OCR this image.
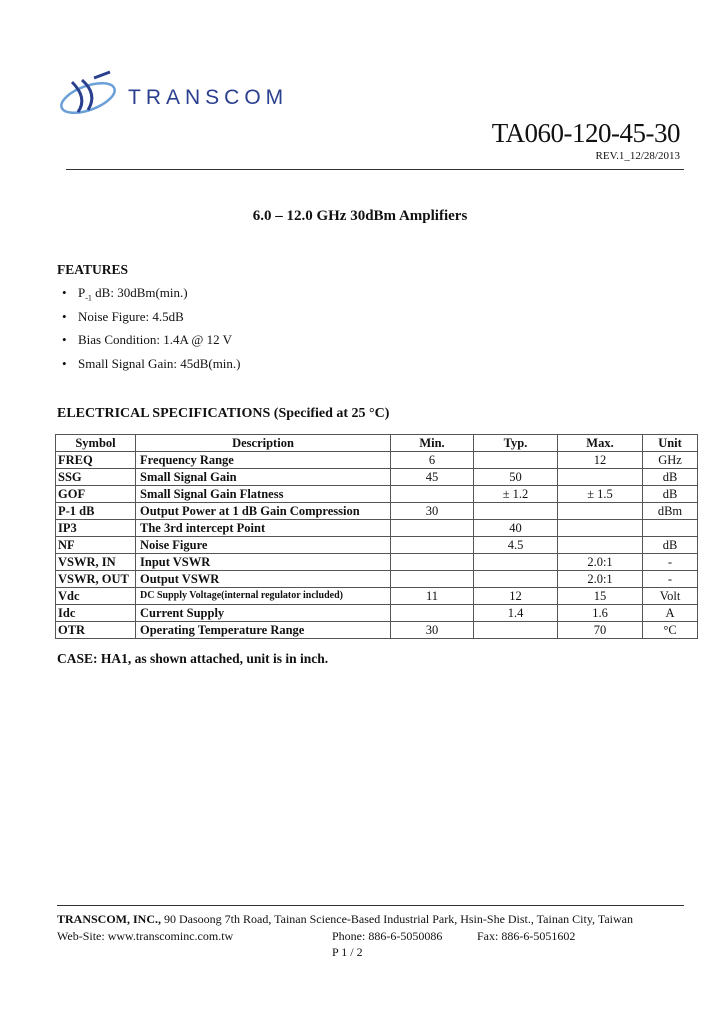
TRANSCOM
TA060-120-45-30
REV.1_12/28/2013
6.0 – 12.0 GHz 30dBm Amplifiers
FEATURES
• $P_{-1}$ dB: 30dBm(min.)
• Noise Figure: 4.5dB
• Bias Condition: 1.4A @ 12 V
• Small Signal Gain: 45dB(min.)
ELECTRICAL SPECIFICATIONS (Specified at 25 °C)
Symbol	Description	Min.	Typ.	Max.	Unit
FREQ	Frequency Range	6		12	GHz
SSG	Small Signal Gain	45	50		dB
GOF	Small Signal Gain Flatness		± 1.2	± 1.5	dB
P-1 dB	Output Power at 1 dB Gain Compression	30			dBm
IP3	The 3rd intercept Point		40		
NF	Noise Figure		4.5		dB
VSWR, IN	Input VSWR			2.0:1	-
VSWR, OUT	Output VSWR			2.0:1	-
Vdc	DC Supply Voltage(internal regulator included)	11	12	15	Volt
Idc	Current Supply		1.4	1.6	A
OTR	Operating Temperature Range	30		70	°C
CASE: HA1, as shown attached, unit is in inch.
TRANSCOM, INC., 90 Dasoong 7th Road, Tainan Science-Based Industrial Park, Hsin-She Dist., Tainan City, Taiwan
Web-Site: www.transcominc.com.tw	Phone: 886-6-5050086	Fax: 886-6-5051602
P 1 / 2
